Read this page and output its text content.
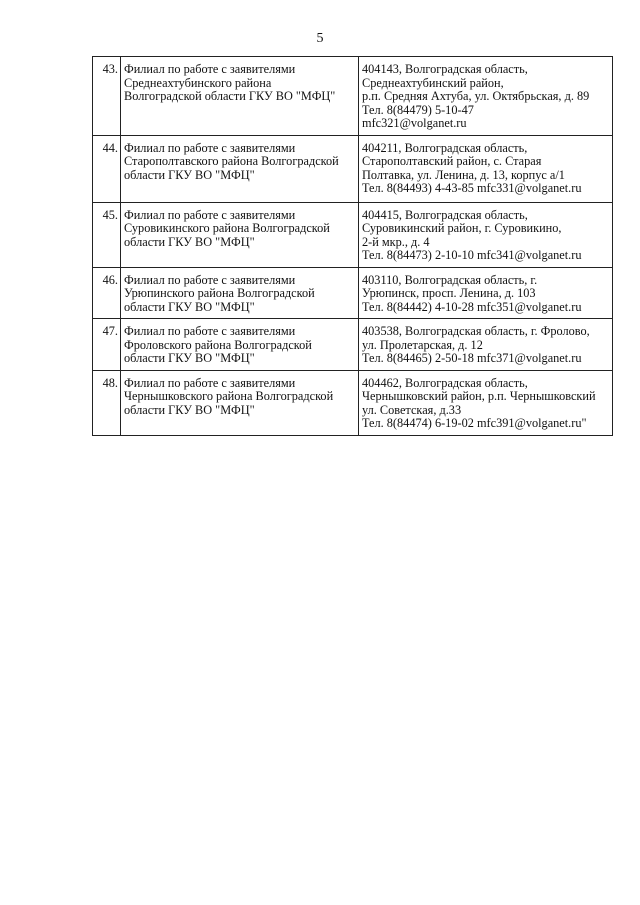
5
43.	Филиал по работе с заявителями
Среднеахтубинского района
Волгоградской области ГКУ ВО "МФЦ"	404143, Волгоградская область,
Среднеахтубинский район,
р.п. Средняя Ахтуба, ул. Октябрьская, д. 89
Тел. 8(84479) 5-10-47
mfc321@volganet.ru

44.	Филиал по работе с заявителями
Старополтавского района Волгоградской
области ГКУ ВО "МФЦ"	404211, Волгоградская область,
Старополтавский район, с. Старая
Полтавка, ул. Ленина, д. 13, корпус а/1
Тел. 8(84493) 4-43-85 mfc331@volganet.ru

45.	Филиал по работе с заявителями
Суровикинского района Волгоградской
области ГКУ ВО "МФЦ"	404415, Волгоградская область,
Суровикинский район, г. Суровикино,
2-й мкр., д. 4
Тел. 8(84473) 2-10-10 mfc341@volganet.ru

46.	Филиал по работе с заявителями
Урюпинского района Волгоградской
области ГКУ ВО "МФЦ"	403110, Волгоградская область, г.
Урюпинск, просп. Ленина, д. 103
Тел. 8(84442) 4-10-28 mfc351@volganet.ru

47.	Филиал по работе с заявителями
Фроловского района Волгоградской
области ГКУ ВО "МФЦ"	403538, Волгоградская область, г. Фролово,
ул. Пролетарская, д. 12
Тел. 8(84465) 2-50-18 mfc371@volganet.ru

48.	Филиал по работе с заявителями
Чернышковского района Волгоградской
области ГКУ ВО "МФЦ"	404462, Волгоградская область,
Чернышковский район, р.п. Чернышковский
ул. Советская, д.33
Тел. 8(84474) 6-19-02 mfc391@volganet.ru"
